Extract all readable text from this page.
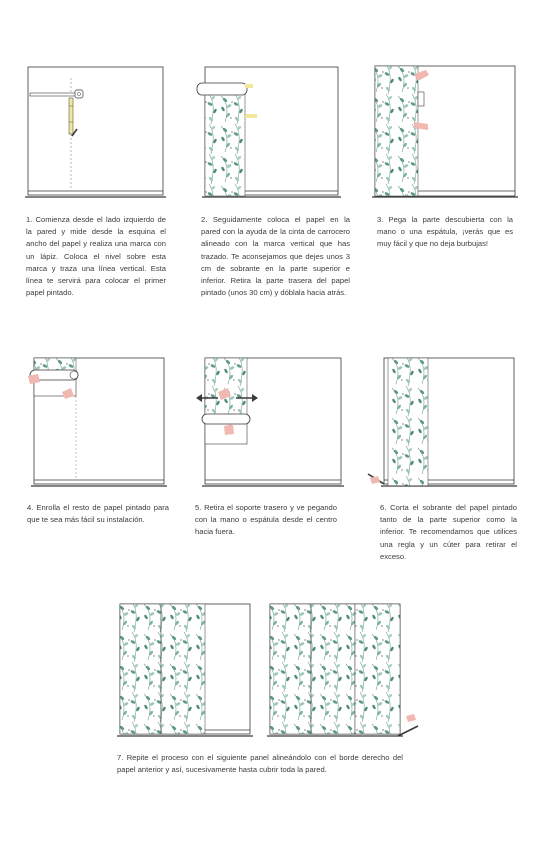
1. Comienza desde el lado izquierdo de la pared y mide desde la esquina el ancho del papel y realiza una marca con un lápiz. Coloca el nivel sobre esta marca y traza una línea vertical. Esta línea te servirá para colocar el primer papel pintado.
2. Seguidamente coloca el papel en la pared con la ayuda de la cinta de carrocero alineado con la marca vertical que has trazado. Te aconsejamos que dejes unos 3 cm de sobrante en la parte superior e inferior. Retira la parte trasera del papel pintado (unos 30 cm) y dóblala hacia atrás.
3. Pega la parte descubierta con la mano o una espátula, ¡verás que es muy fácil y que no deja burbujas!
4. Enrolla el resto de papel pintado para que te sea más fácil su instalación.
5. Retira el soporte trasero y ve pegando con la mano o espátula desde el centro hacia fuera.
6. Corta el sobrante del papel pintado tanto de la parte superior como la inferior. Te recomendamos que utilices una regla y un cúter para retirar el exceso.
7. Repite el proceso con el siguiente panel alineándolo con el borde derecho del papel anterior y así, sucesivamente hasta cubrir toda la pared.
